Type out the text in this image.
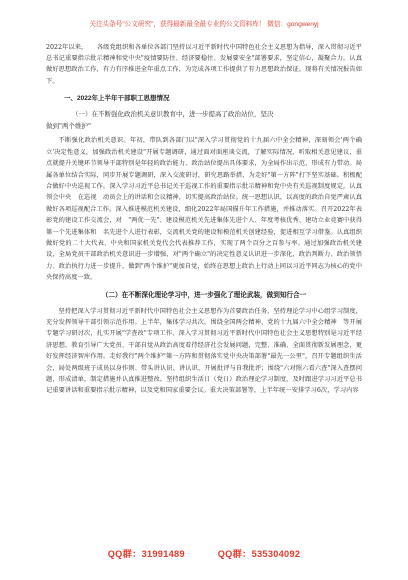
关注头条号"公文研究"，获得最新最全最专业的公文资料库！ 微信：gongwenyj

2022年以来，　　各级党组织和各单位各部门坚持以习近平新时代中国特色社会主义思想为指导，深入贯彻习近平总书记重要指示批示精神和党中央"疫情要防住、经济要稳住、发展要安全"部署要求，坚定信心，凝聚合力，认真做好思想政治工作，有力有序推进全年重点工作，为完成各项工作提供了有力思想政治保证。现将有关情况报告如下。

一、2022年上半年干部职工思想情况
（一）在不断强化政治机关意识教育中，进一步提高了政治站位，坚决
做到"两个维护"

不断强化政治机关意识。年初，带队到各部门以"深入学习贯彻党的十九届六中全会精神，深刻领会'两个确立'决定性意义，加强政治机关建设"开展专题调研，通过面对面座谈交流，了解实际情况，听取相关意见建议，重点就提升关键环节领导干部特别是年轻的政治能力、政治站位提出具体要求，为全局作出示范，形成有力带动。局属各单位结合实际，同步开展专题调研，深入交流研讨，研究思路举措，为走好"第一方阵"打下坚实基础。积极配合做好中央巡视工作。深入学习习近平总书记关于巡视工作的重要指示批示精神和党中央有关巡视制度规定，认真领会中央　在巡视　动员会上的讲话和会议精神，切实提高政治站位。统一思想认识，以高度的政治自觉严肃认真做好各项巡视配合工作。深入推进模范机关建设，细化2022年局国描升年工作措施，并推动落实。召开2022年表彰党的建设工作交流会，对　"两优一先"、建设模范机关先进集体先进个人、年度考核优秀、建功立业竞赛中获得第一个先进集体和　名先进个人进行表彰，交流机关党的建设和模范机关创建经验，促进相互学习借鉴。认真组织做好党的二十大代表、中央和国家机关党代会代表推荐工作，实现了两个百分之百参与率。通过加强政治机关建设，全局党员干部政治机关意识进一步增强，对"两个确立"的决定性意义认识进一步深化，政治判断力、政治领悟力、政治执行力进一步提升，做到"两个维护"更加自觉，始终在思想上政治上行动上同以习近平同志为核心的党中央保持高度一致。

（二）在不断深化理论学习中，进一步强化了理论武装，做到知行合一

坚持把深入学习贯彻习近平新时代中国特色社会主义思想作为首要政治任务，坚持理论学习中心组学习制度，充分发挥领导干部引领示范作用。上半年，集体学习共次，围绕全国两会精神、党的十九届六中全会精神　等开展专题学习研讨次，扎实开展"学查改"专项工作，深入学习贯彻习近平新时代中国特色社会主义思想特别是习近平经济思想，教育引导广大党员、干部自觉从政治高度看待经济社会发展问题，完整、准确、全面贯彻新发展理念，更好发挥经济智库作用。走好我行"两个维护"第一方阵和贯彻落实党中央决策部署"最先一公里"，召开专题组织生活会，局处两级班子成员以身作则、带头讲认识、讲认识、开展批评与自我批评；围绕"六对照六看六查"深入查摆问题，形成清单，制定措施并认真推进整改。坚持组织生活日（党日）政治理论学习制度，及时跟进学习习近平总书记重要讲话和重要指示批示精神，以及党和国家重要会议。重大决策部署等，上半年统一安排学习6次，学习内容

QQ群：31991489	QQ群：535304092
